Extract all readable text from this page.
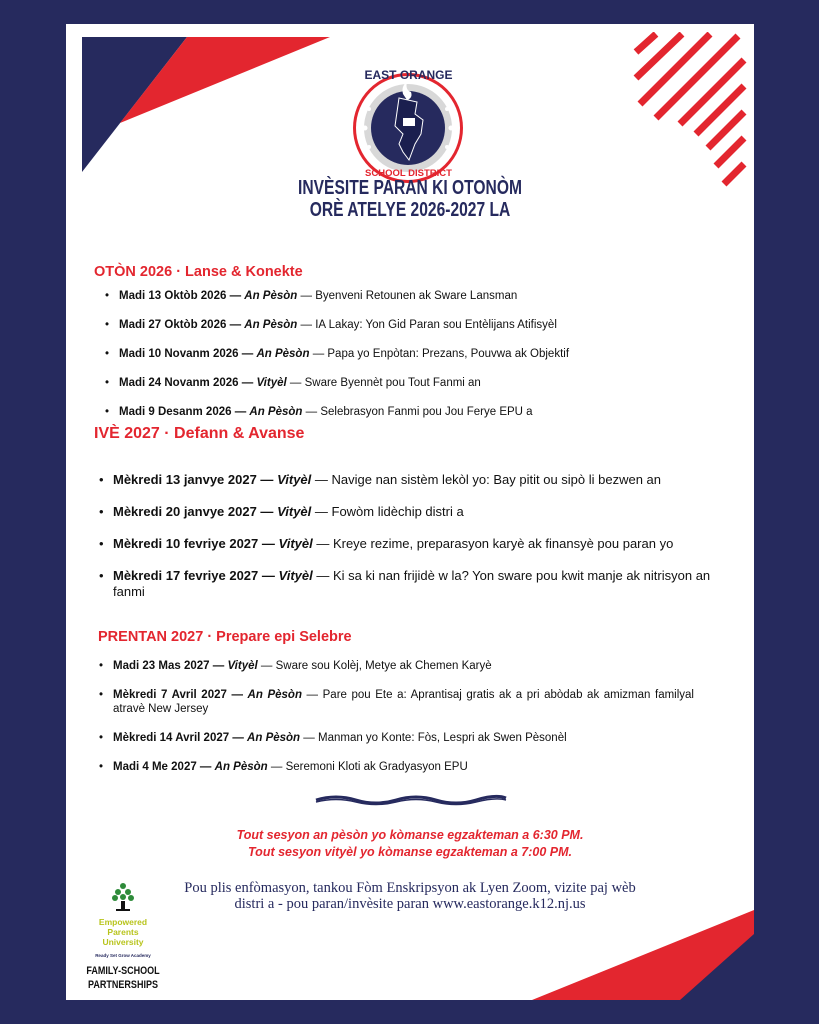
EAST ORANGE
SCHOOL DISTRICT
INVÈSITE PARAN KI OTONÒM
ORÈ ATELYE 2026-2027 LA
OTÒN 2026 · Lanse & Konekte
• Madi 13 Oktòb 2026 — An Pèsòn — Byenveni Retounen ak Sware Lansman
• Madi 27 Oktòb 2026 — An Pèsòn — IA Lakay: Yon Gid Paran sou Entèlijans Atifisyèl
• Madi 10 Novanm 2026 — An Pèsòn — Papa yo Enpòtan: Prezans, Pouvwa ak Objektif
• Madi 24 Novanm 2026 — Vityèl — Sware Byennèt pou Tout Fanmi an
• Madi 9 Desanm 2026 — An Pèsòn — Selebrasyon Fanmi pou Jou Ferye EPU a
IVÈ 2027 · Defann & Avanse
• Mèkredi 13 janvye 2027 — Vityèl — Navige nan sistèm lekòl yo: Bay pitit ou sipò li bezwen an
• Mèkredi 20 janvye 2027 — Vityèl — Fowòm lidèchip distri a
• Mèkredi 10 fevriye 2027 — Vityèl — Kreye rezime, preparasyon karyè ak finansyè pou paran yo
• Mèkredi 17 fevriye 2027 — Vityèl — Ki sa ki nan frijidè w la? Yon sware pou kwit manje ak nitrisyon an fanmi
PRENTAN 2027 · Prepare epi Selebre
• Madi 23 Mas 2027 — Vityèl — Sware sou Kolèj, Metye ak Chemen Karyè
• Mèkredi 7 Avril 2027 — An Pèsòn — Pare pou Ete a: Aprantisaj gratis ak a pri abòdab ak amizman familyal atravè New Jersey
• Mèkredi 14 Avril 2027 — An Pèsòn — Manman yo Konte: Fòs, Lespri ak Swen Pèsonèl
• Madi 4 Me 2027 — An Pèsòn — Seremoni Kloti ak Gradyasyon EPU
Tout sesyon an pèsòn yo kòmanse egzakteman a 6:30 PM.
Tout sesyon vityèl yo kòmanse egzakteman a 7:00 PM.
Pou plis enfòmasyon, tankou Fòm Enskripsyon ak Lyen Zoom, vizite paj wèb
distri a - pou paran/invèsite paran www.eastorange.k12.nj.us
Empowered
Parents
University
Ready Set Grow Academy
FAMILY-SCHOOL
PARTNERSHIPS
